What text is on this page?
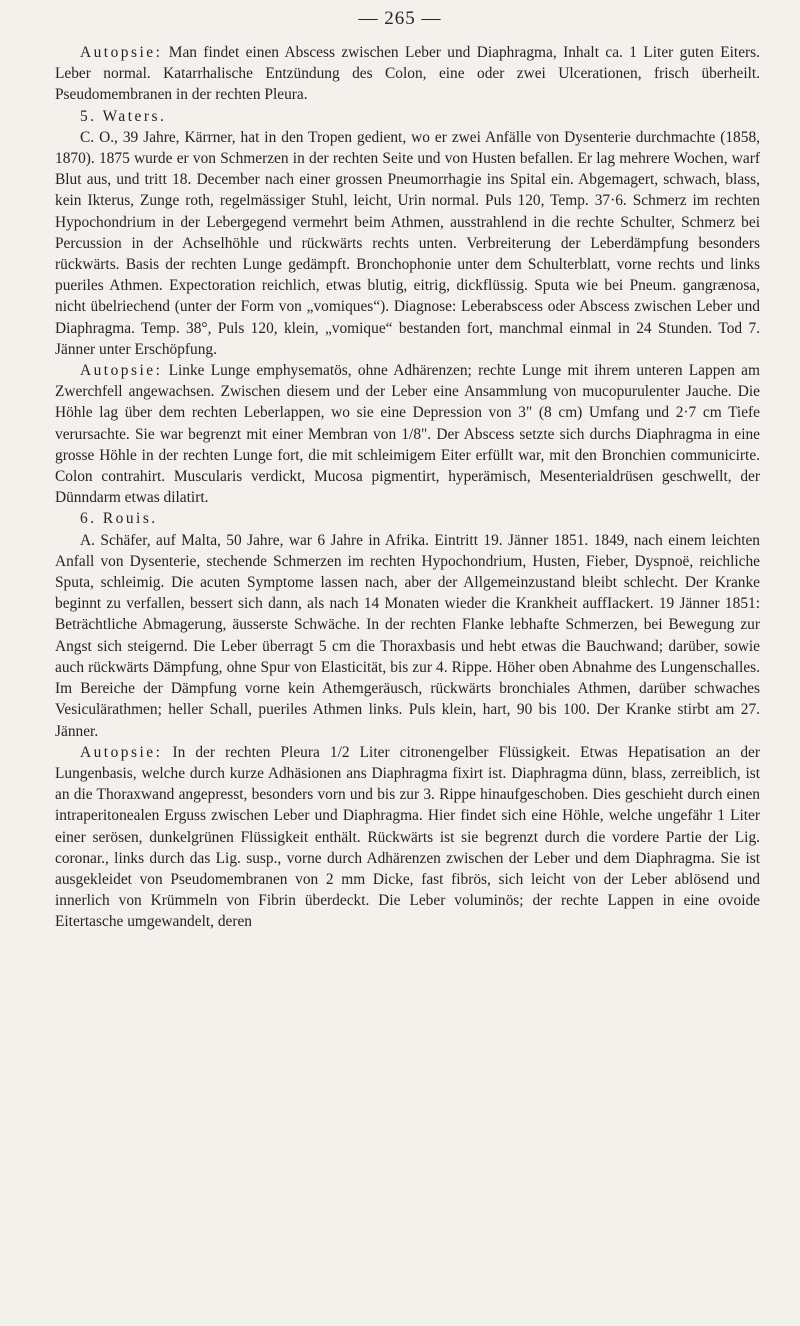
— 265 —

Autopsie: Man findet einen Abscess zwischen Leber und Diaphragma, Inhalt ca. 1 Liter guten Eiters. Leber normal. Katarrhalische Entzündung des Colon, eine oder zwei Ulcerationen, frisch überheilt. Pseudomembranen in der rechten Pleura.

5. Waters.

C. O., 39 Jahre, Kärrner, hat in den Tropen gedient, wo er zwei Anfälle von Dysenterie durchmachte (1858, 1870). 1875 wurde er von Schmerzen in der rechten Seite und von Husten befallen. Er lag mehrere Wochen, warf Blut aus, und tritt 18. December nach einer grossen Pneumorrhagie ins Spital ein. Abgemagert, schwach, blass, kein Ikterus, Zunge roth, regelmässiger Stuhl, leicht, Urin normal. Puls 120, Temp. 37·6. Schmerz im rechten Hypochondrium in der Lebergegend vermehrt beim Athmen, ausstrahlend in die rechte Schulter, Schmerz bei Percussion in der Achselhöhle und rückwärts rechts unten. Verbreiterung der Leberdämpfung besonders rückwärts. Basis der rechten Lunge gedämpft. Bronchophonie unter dem Schulterblatt, vorne rechts und links pueriles Athmen. Expectoration reichlich, etwas blutig, eitrig, dickflüssig. Sputa wie bei Pneum. gangrænosa, nicht übelriechend (unter der Form von „vomiques“). Diagnose: Leberabscess oder Abscess zwischen Leber und Diaphragma. Temp. 38°, Puls 120, klein, „vomique“ bestanden fort, manchmal einmal in 24 Stunden. Tod 7. Jänner unter Erschöpfung.

Autopsie: Linke Lunge emphysematös, ohne Adhärenzen; rechte Lunge mit ihrem unteren Lappen am Zwerchfell angewachsen. Zwischen diesem und der Leber eine Ansammlung von mucopurulenter Jauche. Die Höhle lag über dem rechten Leberlappen, wo sie eine Depression von 3" (8 cm) Umfang und 2·7 cm Tiefe verursachte. Sie war begrenzt mit einer Membran von 1/8". Der Abscess setzte sich durchs Diaphragma in eine grosse Höhle in der rechten Lunge fort, die mit schleimigem Eiter erfüllt war, mit den Bronchien communicirte. Colon contrahirt. Muscularis verdickt, Mucosa pigmentirt, hyperämisch, Mesenterialdrüsen geschwellt, der Dünndarm etwas dilatirt.

6. Rouis.

A. Schäfer, auf Malta, 50 Jahre, war 6 Jahre in Afrika. Eintritt 19. Jänner 1851. 1849, nach einem leichten Anfall von Dysenterie, stechende Schmerzen im rechten Hypochondrium, Husten, Fieber, Dyspnoë, reichliche Sputa, schleimig. Die acuten Symptome lassen nach, aber der Allgemeinzustand bleibt schlecht. Der Kranke beginnt zu verfallen, bessert sich dann, als nach 14 Monaten wieder die Krankheit auffIackert. 19 Jänner 1851: Beträchtliche Abmagerung, äusserste Schwäche. In der rechten Flanke lebhafte Schmerzen, bei Bewegung zur Angst sich steigernd. Die Leber überragt 5 cm die Thoraxbasis und hebt etwas die Bauchwand; darüber, sowie auch rückwärts Dämpfung, ohne Spur von Elasticität, bis zur 4. Rippe. Höher oben Abnahme des Lungenschalles. Im Bereiche der Dämpfung vorne kein Athemgeräusch, rückwärts bronchiales Athmen, darüber schwaches Vesiculärathmen; heller Schall, pueriles Athmen links. Puls klein, hart, 90 bis 100. Der Kranke stirbt am 27. Jänner.

Autopsie: In der rechten Pleura 1/2 Liter citronengelber Flüssigkeit. Etwas Hepatisation an der Lungenbasis, welche durch kurze Adhäsionen ans Diaphragma fixirt ist. Diaphragma dünn, blass, zerreiblich, ist an die Thoraxwand angepresst, besonders vorn und bis zur 3. Rippe hinaufgeschoben. Dies geschieht durch einen intraperitonealen Erguss zwischen Leber und Diaphragma. Hier findet sich eine Höhle, welche ungefähr 1 Liter einer serösen, dunkelgrünen Flüssigkeit enthält. Rückwärts ist sie begrenzt durch die vordere Partie der Lig. coronar., links durch das Lig. susp., vorne durch Adhärenzen zwischen der Leber und dem Diaphragma. Sie ist ausgekleidet von Pseudomembranen von 2 mm Dicke, fast fibrös, sich leicht von der Leber ablösend und innerlich von Krümmeln von Fibrin überdeckt. Die Leber voluminös; der rechte Lappen in eine ovoide Eitertasche umgewandelt, deren
